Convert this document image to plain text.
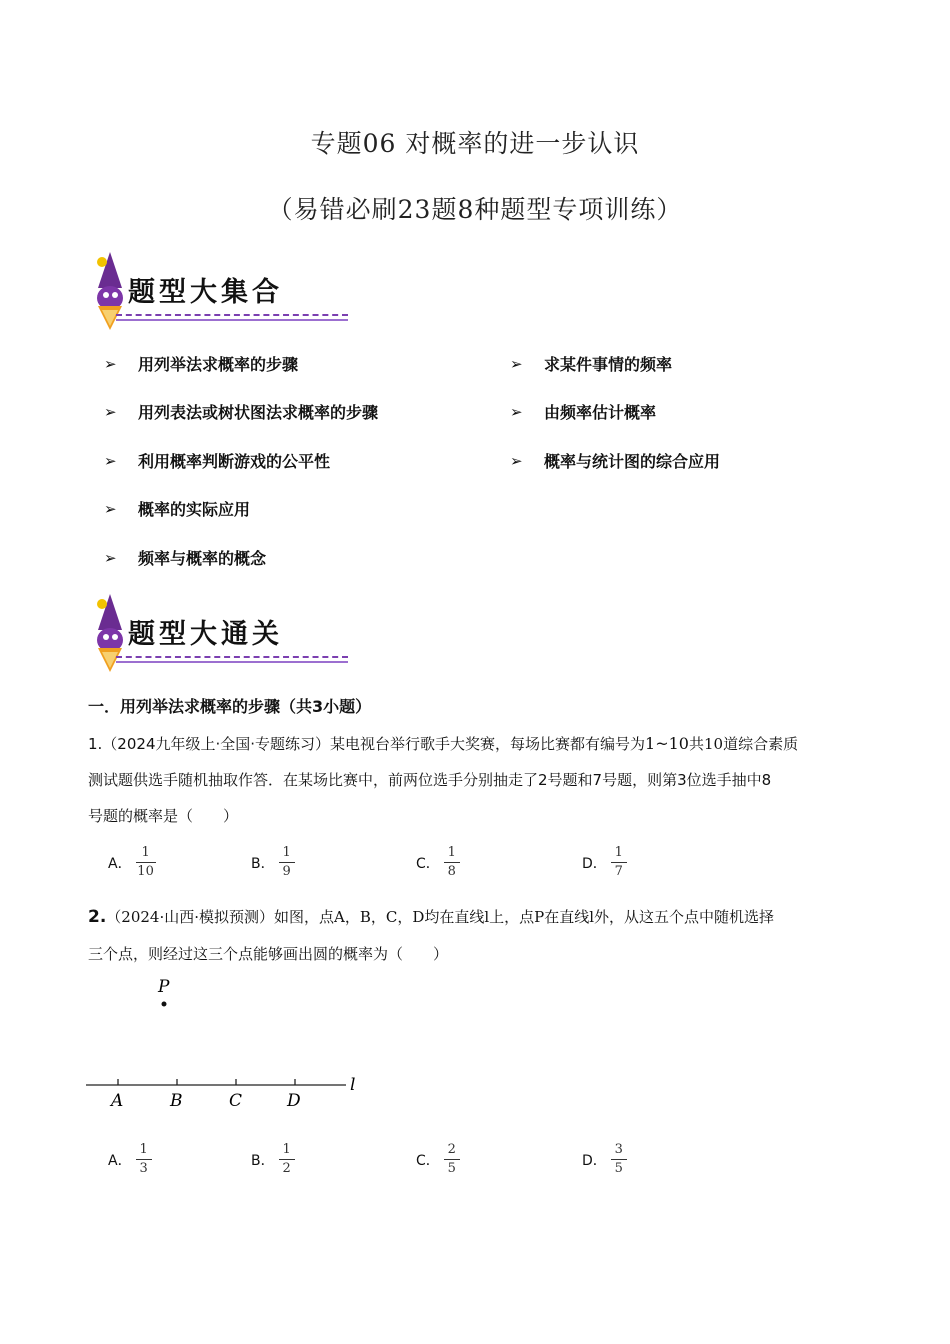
专题06 对概率的进一步认识
（易错必刷23题8种题型专项训练）
题型大集合
➢	用列举法求概率的步骤
➢	用列表法或树状图法求概率的步骤
➢	利用概率判断游戏的公平性
➢	概率的实际应用
➢	频率与概率的概念
➢	求某件事情的频率
➢	由频率估计概率
➢	概率与统计图的综合应用
题型大通关
一．用列举法求概率的步骤（共3小题）
1.（2024九年级上·全国·专题练习）某电视台举行歌手大奖赛，每场比赛都有编号为1~10共10道综合素质
测试题供选手随机抽取作答．在某场比赛中，前两位选手分别抽走了2号题和7号题，则第3位选手抽中8
号题的概率是（　　）
A． $\frac{1}{10}$	B． $\frac{1}{9}$	C． $\frac{1}{8}$	D． $\frac{1}{7}$
2.（2024·山西·模拟预测）如图，点A，B，C，D均在直线l上，点P在直线l外，从这五个点中随机选择
三个点，则经过这三个点能够画出圆的概率为（　　）
P
l
A	B	C	D
A． $\frac{1}{3}$	B． $\frac{1}{2}$	C． $\frac{2}{5}$	D． $\frac{3}{5}$
